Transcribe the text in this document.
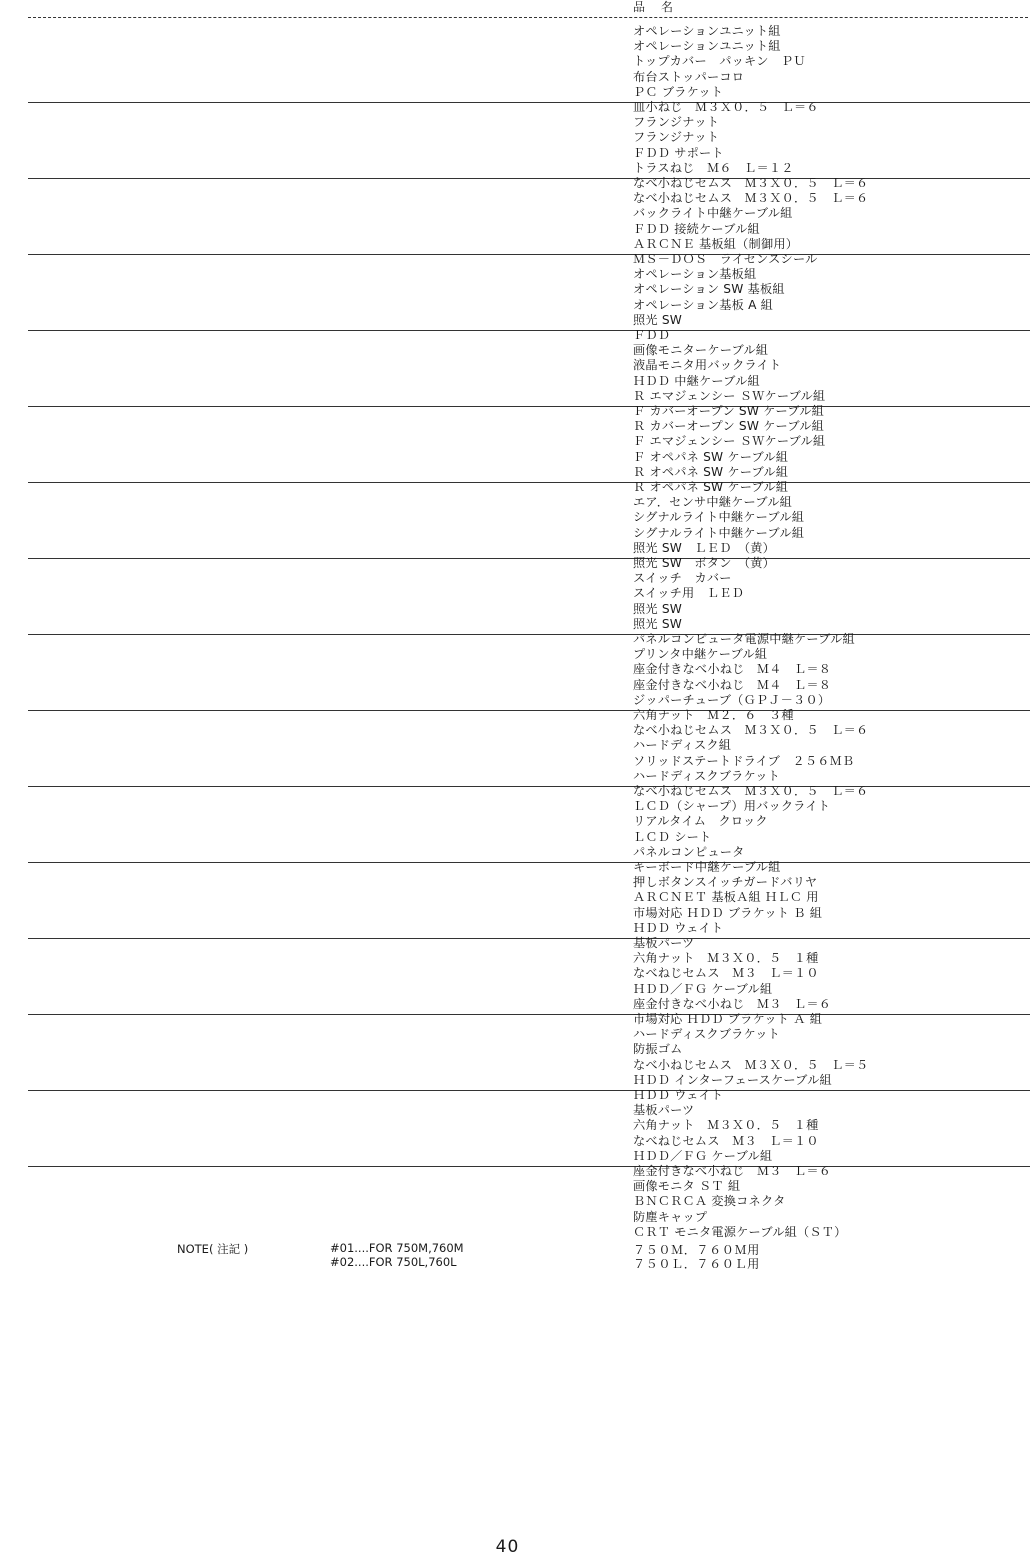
品　名
オペレーションユニット組
オペレーションユニット組
トップカバー　パッキン　ＰＵ
布台ストッパーコロ
ＰＣ ブラケット
皿小ねじ　Ｍ３Ｘ０．５　Ｌ＝６
フランジナット
フランジナット
ＦＤＤ サポート
トラスねじ　Ｍ６　Ｌ＝１２
なべ小ねじセムス　Ｍ３Ｘ０．５　Ｌ＝６
なべ小ねじセムス　Ｍ３Ｘ０．５　Ｌ＝６
バックライト中継ケーブル組
ＦＤＤ 接続ケーブル組
ＡＲＣＮＥ 基板組（制御用）
ＭＳ－ＤＯＳ　ライセンスシール
オペレーション基板組
オペレーション SW 基板組
オペレーション基板 A 組
照光 SW
ＦＤＤ
画像モニターケーブル組
液晶モニタ用バックライト
ＨＤＤ 中継ケーブル組
Ｒ エマジェンシー ＳＷケーブル組
Ｆ カバーオープン SW ケーブル組
Ｒ カバーオープン SW ケーブル組
Ｆ エマジェンシー ＳＷケーブル組
Ｆ オペパネ SW ケーブル組
Ｒ オペパネ SW ケーブル組
Ｒ オペパネ SW ケーブル組
エア．センサ中継ケーブル組
シグナルライト中継ケーブル組
シグナルライト中継ケーブル組
照光 SW　ＬＥＤ　（黄）
照光 SW　ボタン　（黄）
スイッチ　カバー
スイッチ用　ＬＥＤ
照光 SW
照光 SW
パネルコンピュータ電源中継ケーブル組
プリンタ中継ケーブル組
座金付きなべ小ねじ　Ｍ４　Ｌ＝８
座金付きなべ小ねじ　Ｍ４　Ｌ＝８
ジッパーチューブ（ＧＰＪ－３０）
六角ナット　Ｍ２．６　３種
なべ小ねじセムス　Ｍ３Ｘ０．５　Ｌ＝６
ハードディスク組
ソリッドステートドライブ　２５６ＭＢ
ハードディスクブラケット
なべ小ねじセムス　Ｍ３Ｘ０．５　Ｌ＝６
ＬＣＤ（シャープ）用バックライト
リアルタイム　クロック
ＬＣＤ シート
パネルコンピュータ
キーボード中継ケーブル組
押しボタンスイッチガードバリヤ
ＡＲＣＮＥＴ 基板Ａ組 ＨＬＣ 用
市場対応 ＨＤＤ ブラケット Ｂ 組
ＨＤＤ ウェイト
基板パーツ
六角ナット　Ｍ３Ｘ０．５　１種
なべねじセムス　Ｍ３　Ｌ＝１０
ＨＤＤ／ＦＧ ケーブル組
座金付きなべ小ねじ　Ｍ３　Ｌ＝６
市場対応 ＨＤＤ ブラケット Ａ 組
ハードディスクブラケット
防振ゴム
なべ小ねじセムス　Ｍ３Ｘ０．５　Ｌ＝５
ＨＤＤ インターフェースケーブル組
ＨＤＤ ウェイト
基板パーツ
六角ナット　Ｍ３Ｘ０．５　１種
なべねじセムス　Ｍ３　Ｌ＝１０
ＨＤＤ／ＦＧ ケーブル組
座金付きなべ小ねじ　Ｍ３　Ｌ＝６
画像モニタ ＳＴ 組
ＢＮＣＲＣＡ 変換コネクタ
防塵キャップ
ＣＲＴ モニタ電源ケーブル組（ＳＴ）
NOTE( 注記 )	#01....FOR 750M,760M
#02....FOR 750L,760L
７５０Ｍ．７６０Ｍ用
７５０Ｌ．７６０Ｌ用
40
